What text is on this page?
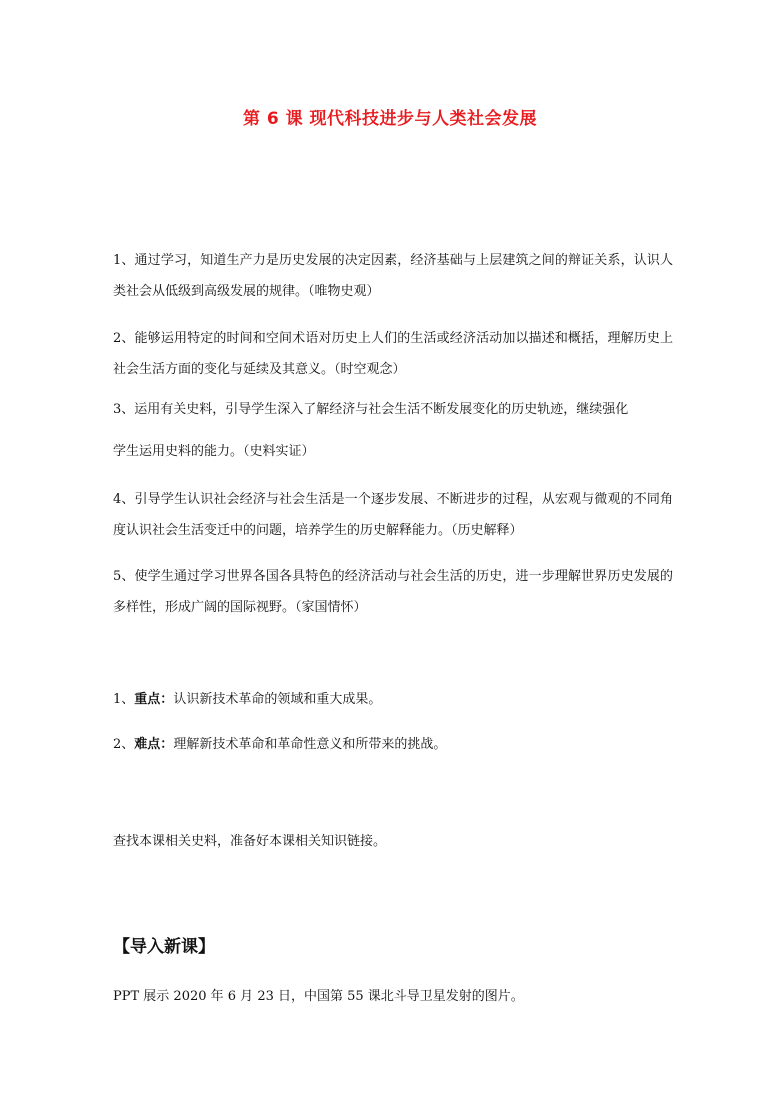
第 6 课 现代科技进步与人类社会发展

1、通过学习，知道生产力是历史发展的决定因素，经济基础与上层建筑之间的辩证关系，认识人类社会从低级到高级发展的规律。（唯物史观）

2、能够运用特定的时间和空间术语对历史上人们的生活或经济活动加以描述和概括，理解历史上社会生活方面的变化与延续及其意义。（时空观念）

3、运用有关史料，引导学生深入了解经济与社会生活不断发展变化的历史轨迹，继续强化

学生运用史料的能力。（史料实证）

4、引导学生认识社会经济与社会生活是一个逐步发展、不断进步的过程，从宏观与微观的不同角度认识社会生活变迁中的问题，培养学生的历史解释能力。（历史解释）

5、使学生通过学习世界各国各具特色的经济活动与社会生活的历史，进一步理解世界历史发展的多样性，形成广阔的国际视野。（家国情怀）

1、重点：认识新技术革命的领域和重大成果。

2、难点：理解新技术革命和革命性意义和所带来的挑战。

查找本课相关史料，准备好本课相关知识链接。

【导入新课】

PPT 展示 2020 年 6 月 23 日，中国第 55 课北斗导卫星发射的图片。
